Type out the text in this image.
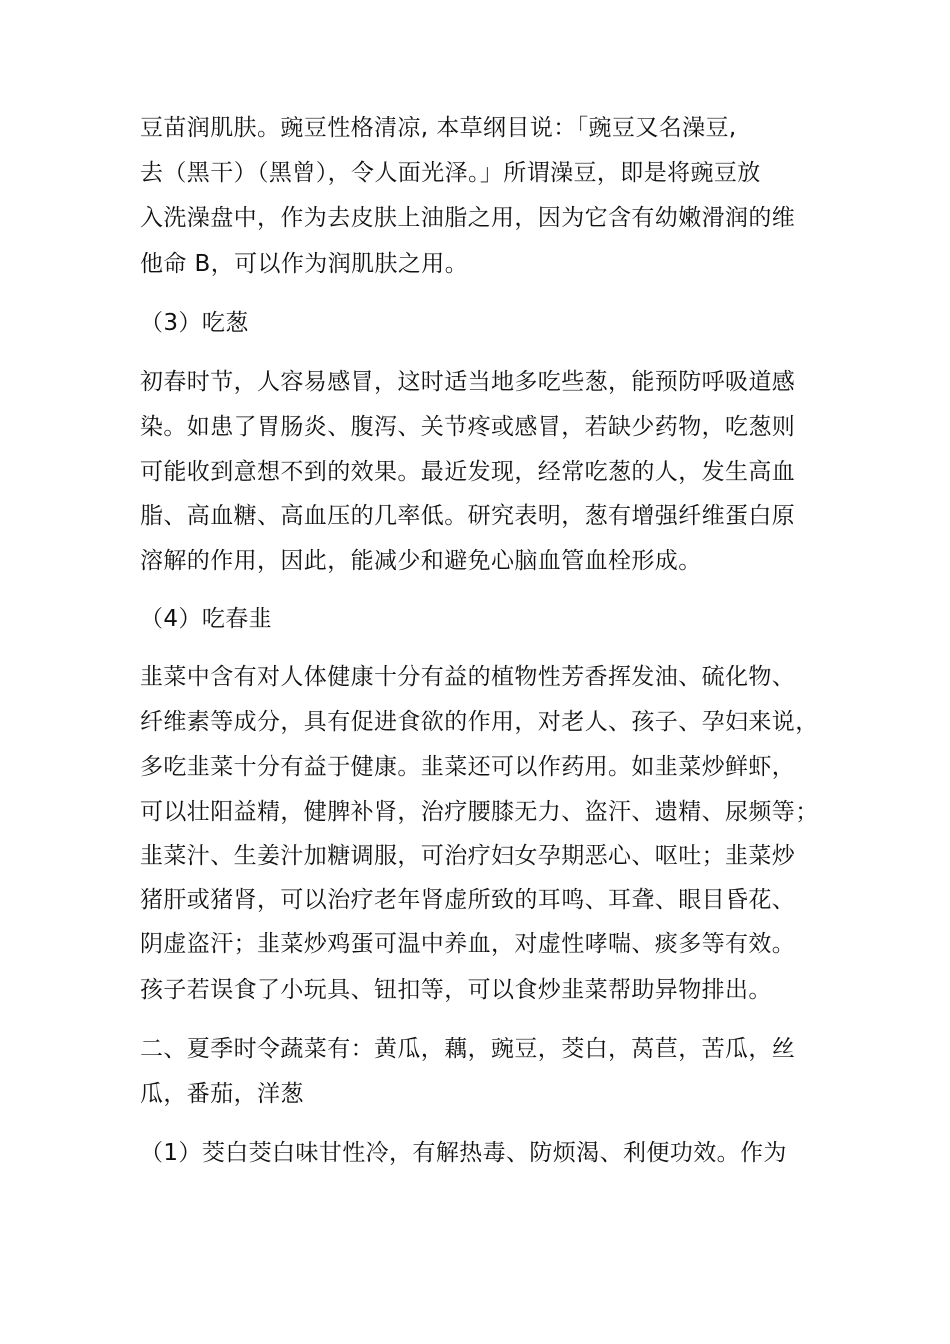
豆苗润肌肤。豌豆性格清凉, 本草纲目说：「豌豆又名澡豆,

去（黑干）（黑曾），令人面光泽。」所谓澡豆，即是将豌豆放

入洗澡盘中，作为去皮肤上油脂之用，因为它含有幼嫩滑润的维

他命 B，可以作为润肌肤之用。

（3）吃葱

初春时节，人容易感冒，这时适当地多吃些葱，能预防呼吸道感

染。如患了胃肠炎、腹泻、关节疼或感冒，若缺少药物，吃葱则

可能收到意想不到的效果。最近发现，经常吃葱的人，发生高血

脂、高血糖、高血压的几率低。研究表明，葱有增强纤维蛋白原

溶解的作用，因此，能减少和避免心脑血管血栓形成。

（4）吃春韭

韭菜中含有对人体健康十分有益的植物性芳香挥发油、硫化物、

纤维素等成分，具有促进食欲的作用，对老人、孩子、孕妇来说，

多吃韭菜十分有益于健康。韭菜还可以作药用。如韭菜炒鲜虾，

可以壮阳益精，健脾补肾，治疗腰膝无力、盗汗、遗精、尿频等；

韭菜汁、生姜汁加糖调服，可治疗妇女孕期恶心、呕吐；韭菜炒

猪肝或猪肾，可以治疗老年肾虚所致的耳鸣、耳聋、眼目昏花、

阴虚盗汗；韭菜炒鸡蛋可温中养血，对虚性哮喘、痰多等有效。

孩子若误食了小玩具、钮扣等，可以食炒韭菜帮助异物排出。

二、夏季时令蔬菜有：黄瓜，藕，豌豆，茭白，莴苣，苦瓜，丝

瓜，番茄，洋葱

（1）茭白茭白味甘性冷，有解热毒、防烦渴、利便功效。作为
